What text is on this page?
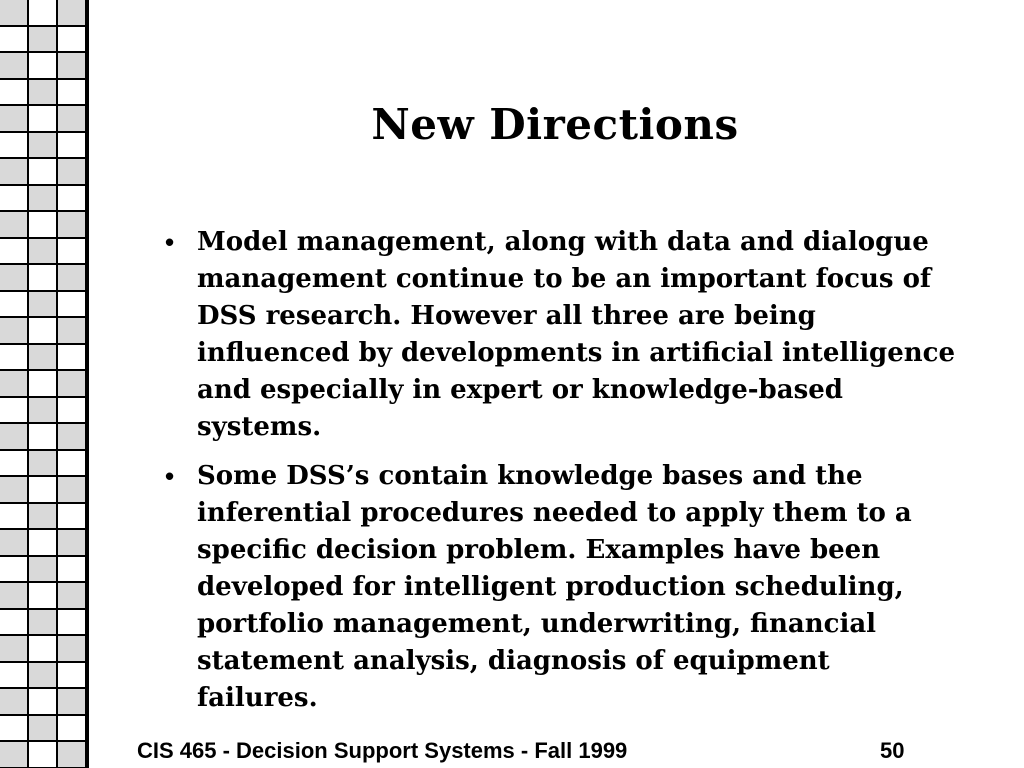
New Directions
• Model management, along with data and dialogue management continue to be an important focus of DSS research. However all three are being influenced by developments in artificial intelligence and especially in expert or knowledge-based systems.
• Some DSS’s contain knowledge bases and the inferential procedures needed to apply them to a specific decision problem. Examples have been developed for intelligent production scheduling, portfolio management, underwriting, financial statement analysis, diagnosis of equipment failures.
CIS 465 - Decision Support Systems - Fall 1999	50
